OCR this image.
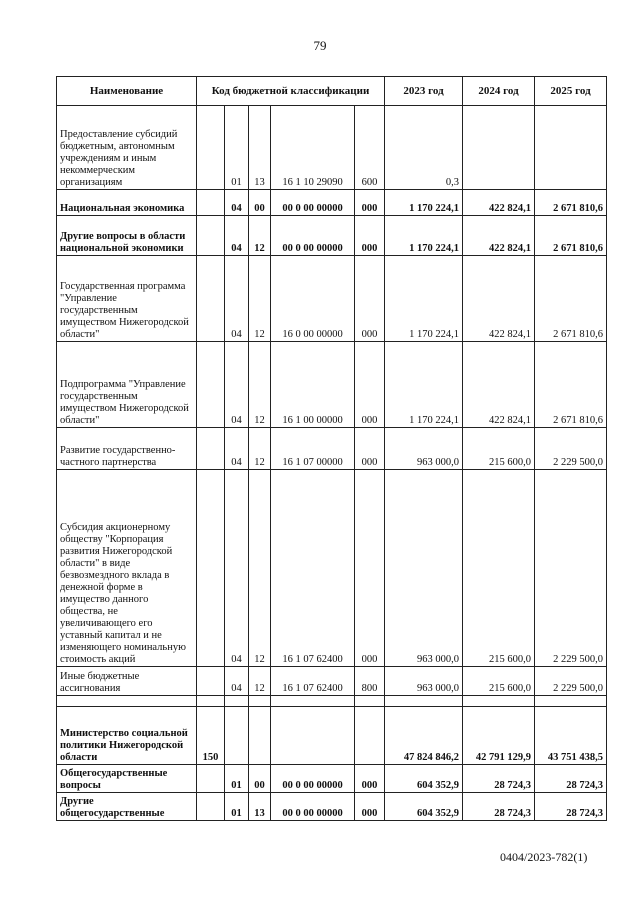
79
Наименование	Код бюджетной классификации					2023 год	2024 год	2025 год
Предоставление субсидий бюджетным, автономным учреждениям и иным некоммерческим организациям		01	13	16 1 10 29090	600	0,3		
Национальная экономика		04	00	00 0 00 00000	000	1 170 224,1	422 824,1	2 671 810,6
Другие вопросы в области национальной экономики		04	12	00 0 00 00000	000	1 170 224,1	422 824,1	2 671 810,6
Государственная программа "Управление государственным имуществом Нижегородской области"		04	12	16 0 00 00000	000	1 170 224,1	422 824,1	2 671 810,6
Подпрограмма "Управление государственным имуществом Нижегородской области"		04	12	16 1 00 00000	000	1 170 224,1	422 824,1	2 671 810,6
Развитие государственно-частного партнерства		04	12	16 1 07 00000	000	963 000,0	215 600,0	2 229 500,0
Субсидия акционерному обществу "Корпорация развития Нижегородской области" в виде безвозмездного вклада в денежной форме в имущество данного общества, не увеличивающего его уставный капитал и не изменяющего номинальную стоимость акций		04	12	16 1 07 62400	000	963 000,0	215 600,0	2 229 500,0
Иные бюджетные ассигнования		04	12	16 1 07 62400	800	963 000,0	215 600,0	2 229 500,0

Министерство социальной политики Нижегородской области	150					47 824 846,2	42 791 129,9	43 751 438,5
Общегосударственные вопросы		01	00	00 0 00 00000	000	604 352,9	28 724,3	28 724,3
Другие общегосударственные		01	13	00 0 00 00000	000	604 352,9	28 724,3	28 724,3
0404/2023-782(1)
